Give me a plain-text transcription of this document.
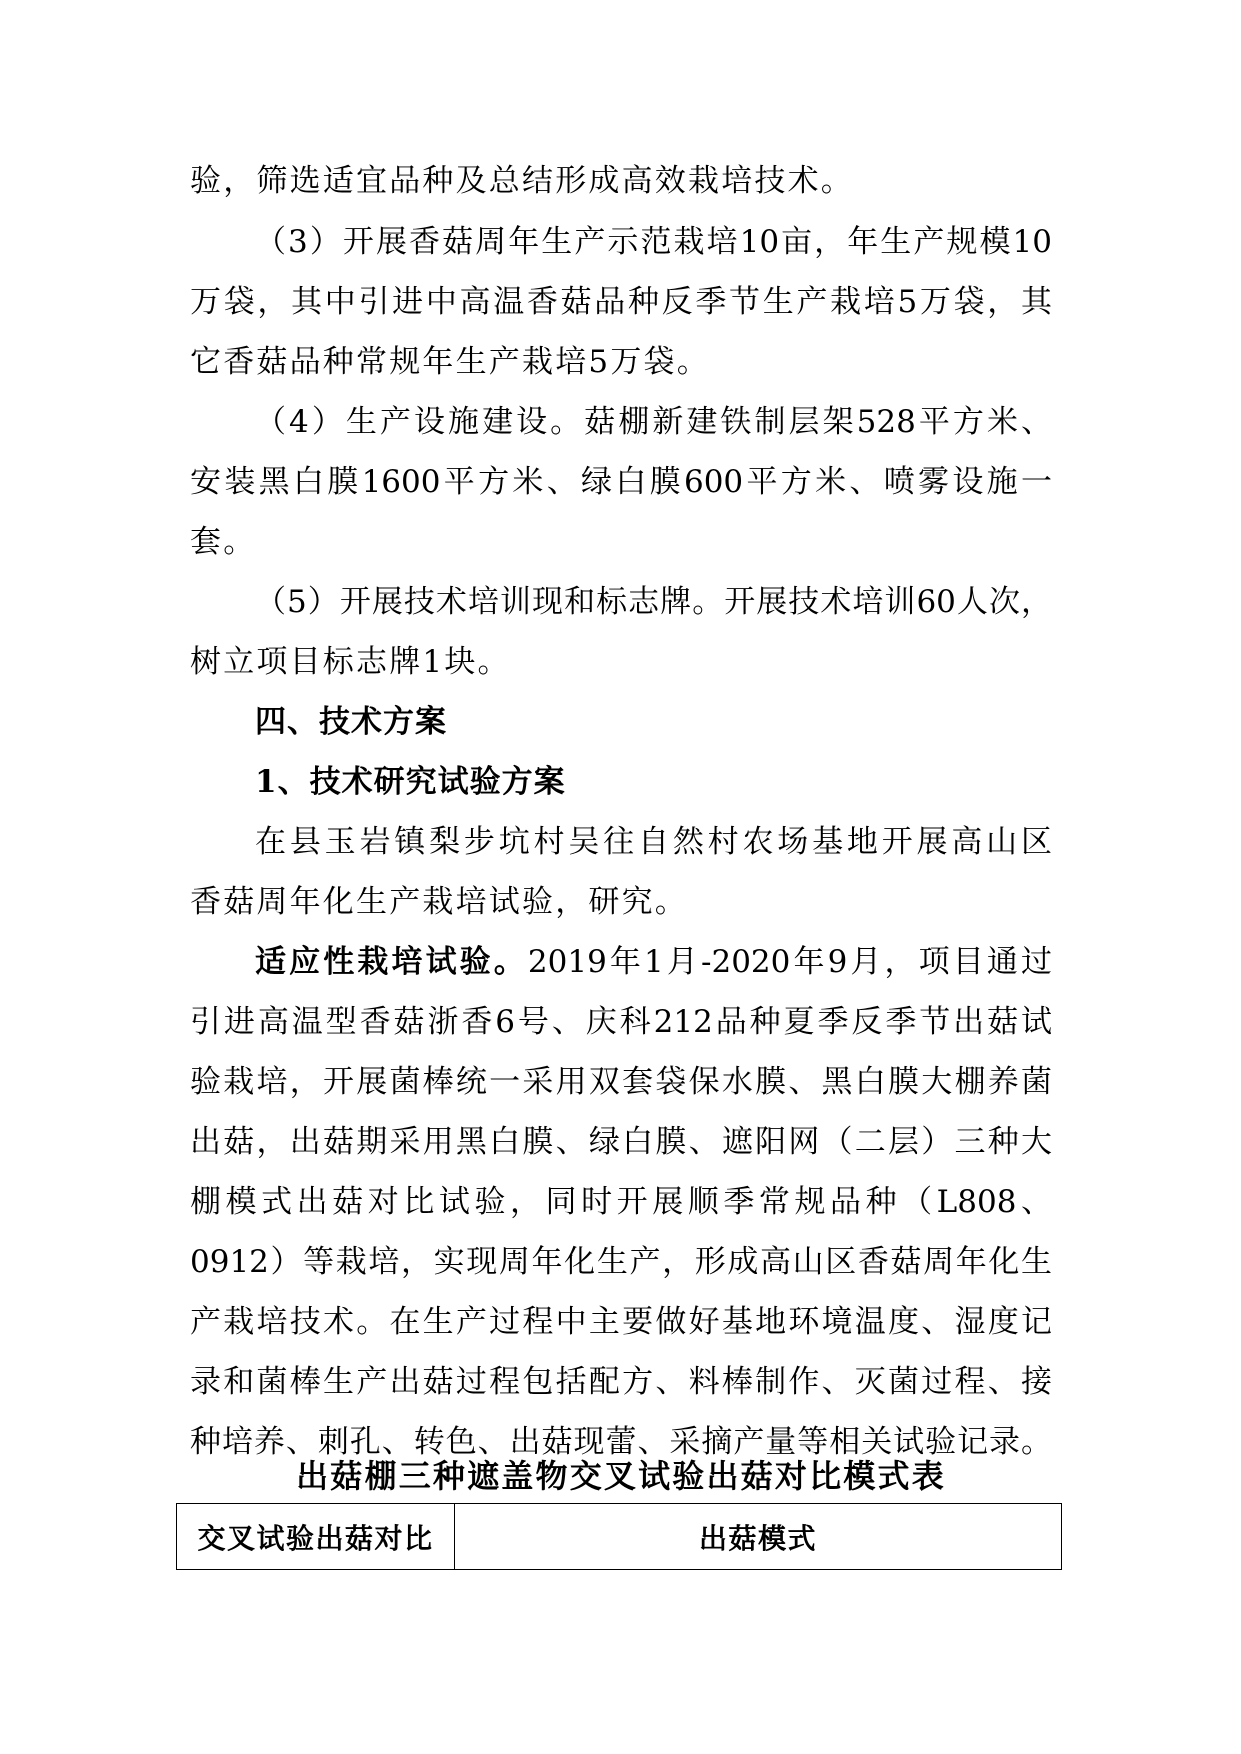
验，筛选适宜品种及总结形成高效栽培技术。
（3）开展香菇周年生产示范栽培10亩，年生产规模10
万袋，其中引进中高温香菇品种反季节生产栽培5万袋，其
它香菇品种常规年生产栽培5万袋。
（4）生产设施建设。菇棚新建铁制层架528平方米、
安装黑白膜1600平方米、绿白膜600平方米、喷雾设施一
套。
（5）开展技术培训现和标志牌。开展技术培训60人次，
树立项目标志牌1块。
四、技术方案
1、技术研究试验方案
在县玉岩镇梨步坑村吴往自然村农场基地开展高山区
香菇周年化生产栽培试验，研究。
适应性栽培试验。2019年1月-2020年9月，项目通过
引进高温型香菇浙香6号、庆科212品种夏季反季节出菇试
验栽培，开展菌棒统一采用双套袋保水膜、黑白膜大棚养菌
出菇，出菇期采用黑白膜、绿白膜、遮阳网（二层）三种大
棚模式出菇对比试验，同时开展顺季常规品种（L808、
0912）等栽培，实现周年化生产，形成高山区香菇周年化生
产栽培技术。在生产过程中主要做好基地环境温度、湿度记
录和菌棒生产出菇过程包括配方、料棒制作、灭菌过程、接
种培养、刺孔、转色、出菇现蕾、采摘产量等相关试验记录。
出菇棚三种遮盖物交叉试验出菇对比模式表
交叉试验出菇对比	出菇模式
